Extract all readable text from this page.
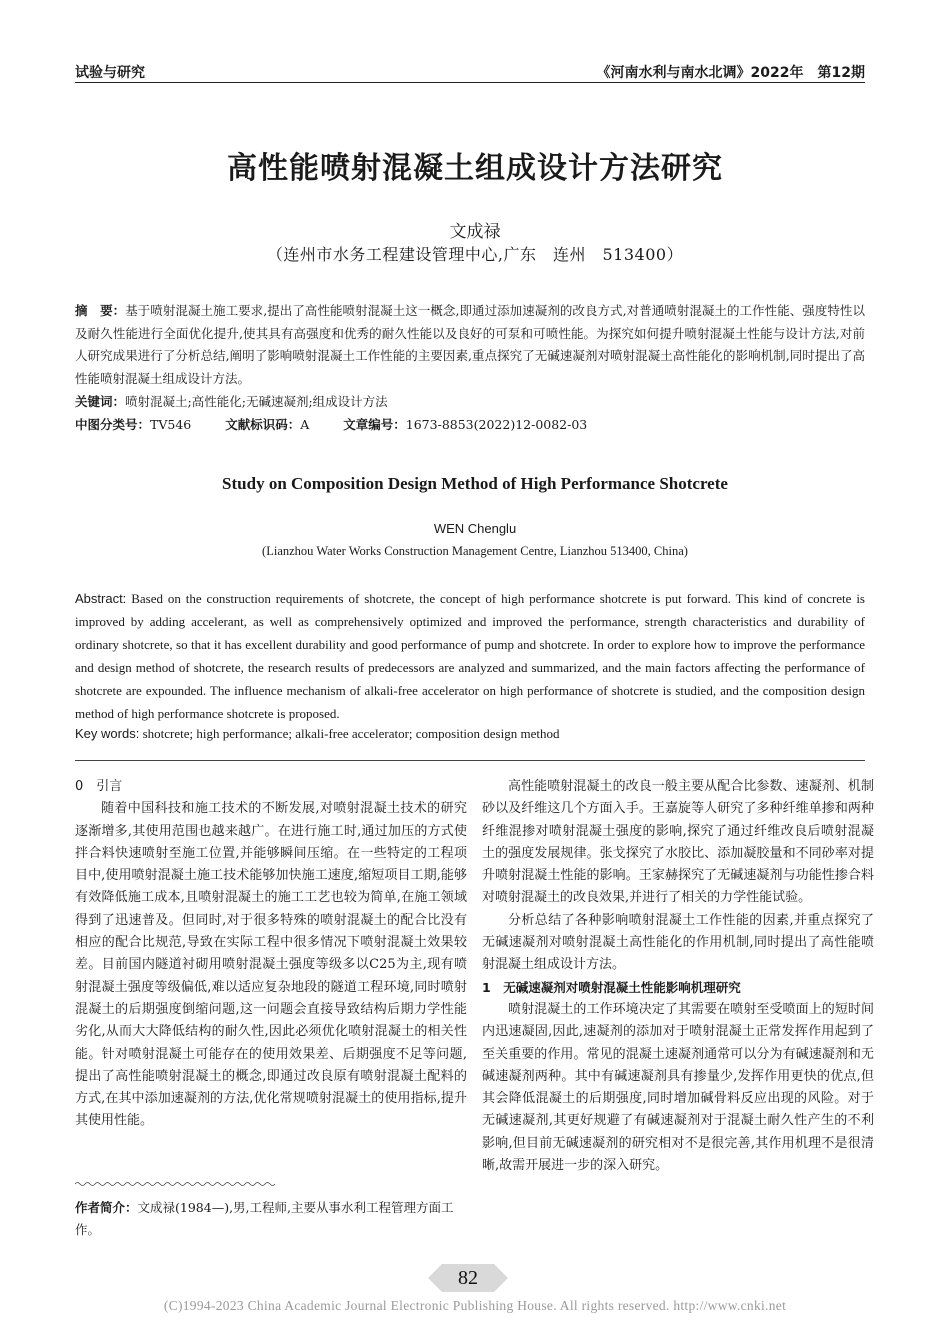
试验与研究	《河南水利与南水北调》2022年　第12期
高性能喷射混凝土组成设计方法研究
文成禄
（连州市水务工程建设管理中心,广东　连州　513400）
摘　要：基于喷射混凝土施工要求,提出了高性能喷射混凝土这一概念,即通过添加速凝剂的改良方式,对普通喷射混凝土的工作性能、强度特性以及耐久性能进行全面优化提升,使其具有高强度和优秀的耐久性能以及良好的可泵和可喷性能。为探究如何提升喷射混凝土性能与设计方法,对前人研究成果进行了分析总结,阐明了影响喷射混凝土工作性能的主要因素,重点探究了无碱速凝剂对喷射混凝土高性能化的影响机制,同时提出了高性能喷射混凝土组成设计方法。
关键词：喷射混凝土;高性能化;无碱速凝剂;组成设计方法
中图分类号：TV546	文献标识码：A	文章编号：1673-8853(2022)12-0082-03
Study on Composition Design Method of High Performance Shotcrete
WEN Chenglu
(Lianzhou Water Works Construction Management Centre, Lianzhou 513400, China)
Abstract: Based on the construction requirements of shotcrete, the concept of high performance shotcrete is put forward. This kind of concrete is improved by adding accelerant, as well as comprehensively optimized and improved the performance, strength characteristics and durability of ordinary shotcrete, so that it has excellent durability and good performance of pump and shotcrete. In order to explore how to improve the performance and design method of shotcrete, the research results of predecessors are analyzed and summarized, and the main factors affecting the performance of shotcrete are expounded. The influence mechanism of alkali-free accelerator on high performance of shotcrete is studied, and the composition design method of high performance shotcrete is proposed.
Key words: shotcrete; high performance; alkali-free accelerator; composition design method
0　引言

随着中国科技和施工技术的不断发展,对喷射混凝土技术的研究逐渐增多,其使用范围也越来越广。在进行施工时,通过加压的方式使拌合料快速喷射至施工位置,并能够瞬间压缩。在一些特定的工程项目中,使用喷射混凝土施工技术能够加快施工速度,缩短项目工期,能够有效降低施工成本,且喷射混凝土的施工工艺也较为简单,在施工领域得到了迅速普及。但同时,对于很多特殊的喷射混凝土的配合比没有相应的配合比规范,导致在实际工程中很多情况下喷射混凝土效果较差。目前国内隧道衬砌用喷射混凝土强度等级多以C25为主,现有喷射混凝土强度等级偏低,难以适应复杂地段的隧道工程环境,同时喷射混凝土的后期强度倒缩问题,这一问题会直接导致结构后期力学性能劣化,从而大大降低结构的耐久性,因此必须优化喷射混凝土的相关性能。针对喷射混凝土可能存在的使用效果差、后期强度不足等问题,提出了高性能喷射混凝土的概念,即通过改良原有喷射混凝土配料的方式,在其中添加速凝剂的方法,优化常规喷射混凝土的使用指标,提升其使用性能。

作者简介：文成禄(1984—),男,工程师,主要从事水利工程管理方面工作。

高性能喷射混凝土的改良一般主要从配合比参数、速凝剂、机制砂以及纤维这几个方面入手。王嘉旋等人研究了多种纤维单掺和两种纤维混掺对喷射混凝土强度的影响,探究了通过纤维改良后喷射混凝土的强度发展规律。张戈探究了水胶比、添加凝胶量和不同砂率对提升喷射混凝土性能的影响。王家赫探究了无碱速凝剂与功能性掺合料对喷射混凝土的改良效果,并进行了相关的力学性能试验。

分析总结了各种影响喷射混凝土工作性能的因素,并重点探究了无碱速凝剂对喷射混凝土高性能化的作用机制,同时提出了高性能喷射混凝土组成设计方法。

1　无碱速凝剂对喷射混凝土性能影响机理研究

喷射混凝土的工作环境决定了其需要在喷射至受喷面上的短时间内迅速凝固,因此,速凝剂的添加对于喷射混凝土正常发挥作用起到了至关重要的作用。常见的混凝土速凝剂通常可以分为有碱速凝剂和无碱速凝剂两种。其中有碱速凝剂具有掺量少,发挥作用更快的优点,但其会降低混凝土的后期强度,同时增加碱骨料反应出现的风险。对于无碱速凝剂,其更好规避了有碱速凝剂对于混凝土耐久性产生的不利影响,但目前无碱速凝剂的研究相对不是很完善,其作用机理不是很清晰,故需开展进一步的深入研究。

82
(C)1994-2023 China Academic Journal Electronic Publishing House. All rights reserved. http://www.cnki.net
